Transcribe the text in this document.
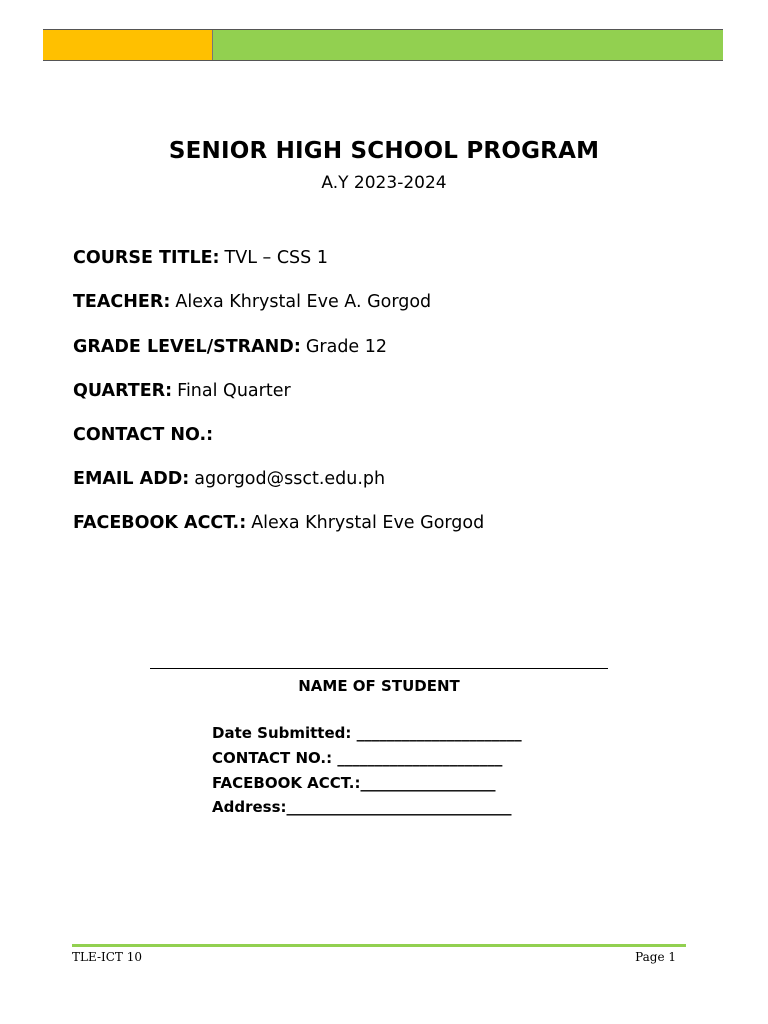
SENIOR HIGH SCHOOL PROGRAM
A.Y 2023-2024
COURSE TITLE: TVL – CSS 1
TEACHER: Alexa Khrystal Eve A. Gorgod
GRADE LEVEL/STRAND: Grade 12
QUARTER: Final Quarter
CONTACT NO.:
EMAIL ADD: agorgod@ssct.edu.ph
FACEBOOK ACCT.: Alexa Khrystal Eve Gorgod
NAME OF STUDENT
Date Submitted: ______________________
CONTACT NO.: ______________________
FACEBOOK ACCT.:__________________
Address:______________________________
TLE-ICT 10	Page 1
